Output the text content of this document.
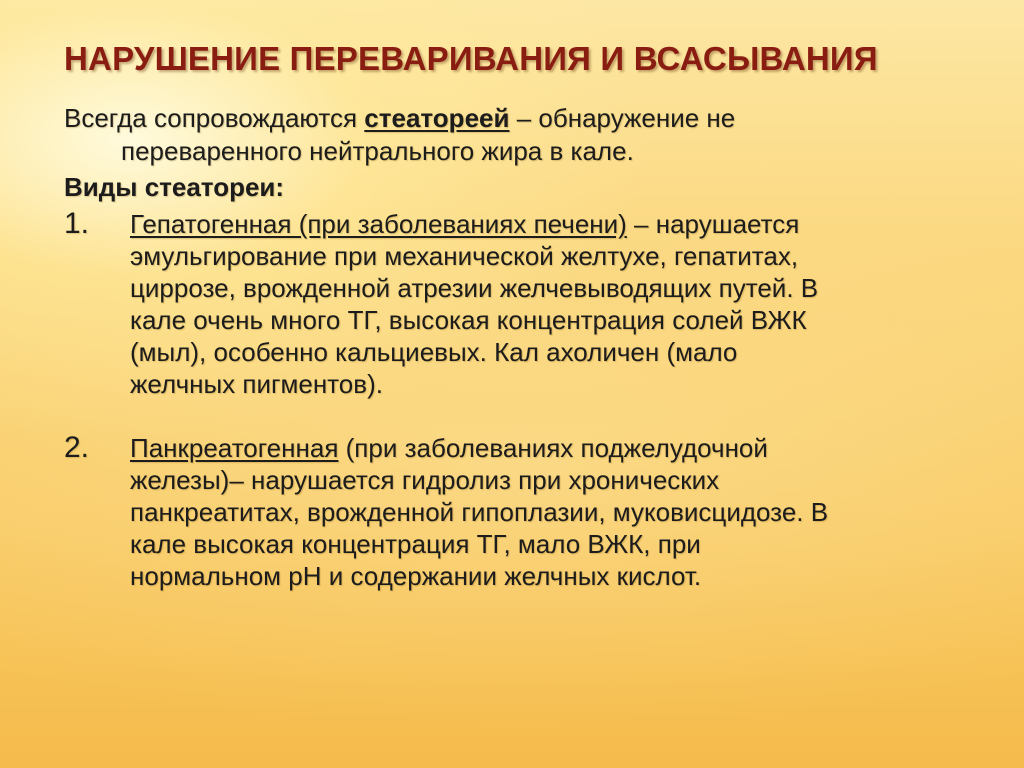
НАРУШЕНИЕ ПЕРЕВАРИВАНИЯ И ВСАСЫВАНИЯ
Всегда сопровождаются стеатореей – обнаружение не
переваренного нейтрального жира в кале.
Виды стеатореи:
1. Гепатогенная (при заболеваниях печени) – нарушается
эмульгирование при механической желтухе, гепатитах,
циррозе, врожденной атрезии желчевыводящих путей. В
кале очень много ТГ, высокая концентрация солей ВЖК
(мыл), особенно кальциевых. Кал ахоличен (мало
желчных пигментов).
2. Панкреатогенная (при заболеваниях поджелудочной
железы)– нарушается гидролиз при хронических
панкреатитах, врожденной гипоплазии, муковисцидозе. В
кале высокая концентрация ТГ, мало ВЖК, при
нормальном рН и содержании желчных кислот.
